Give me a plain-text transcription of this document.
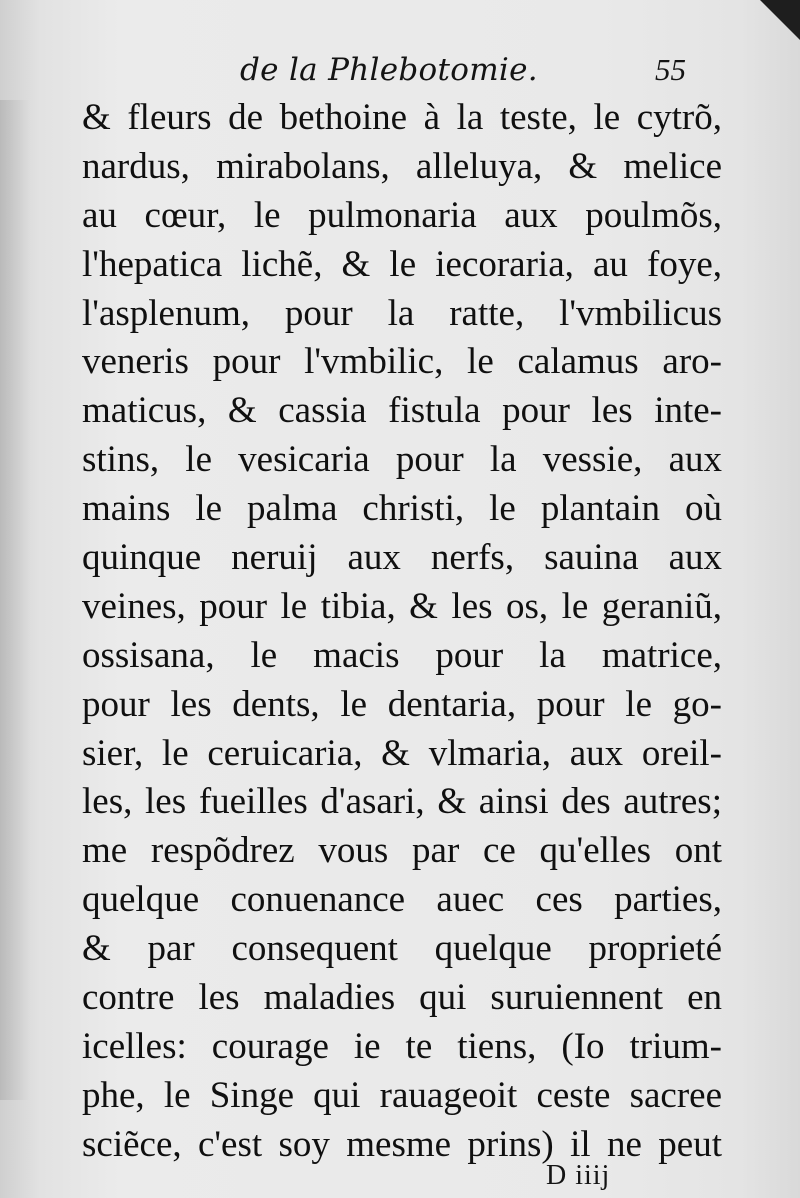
de la Phlebotomie.	55
& fleurs de bethoine à la teste, le cytrõ,
nardus, mirabolans, alleluya, & melice
au cœur, le pulmonaria aux poulmõs,
l'hepatica lichẽ, & le iecoraria, au foye,
l'asplenum, pour la ratte, l'vmbilicus
veneris pour l'vmbilic, le calamus aro-
maticus, & cassia fistula pour les inte-
stins, le vesicaria pour la vessie, aux
mains le palma christi, le plantain où
quinque neruij aux nerfs, sauina aux
veines, pour le tibia, & les os, le geraniũ,
ossisana, le macis pour la matrice,
pour les dents, le dentaria, pour le go-
sier, le ceruicaria, & vlmaria, aux oreil-
les, les fueilles d'asari, & ainsi des autres;
me respõdrez vous par ce qu'elles ont
quelque conuenance auec ces parties,
& par consequent quelque proprieté
contre les maladies qui suruiennent en
icelles: courage ie te tiens, (Io trium-
phe, le Singe qui rauageoit ceste sacree
sciẽce, c'est soy mesme prins) il ne peut
D iiij
